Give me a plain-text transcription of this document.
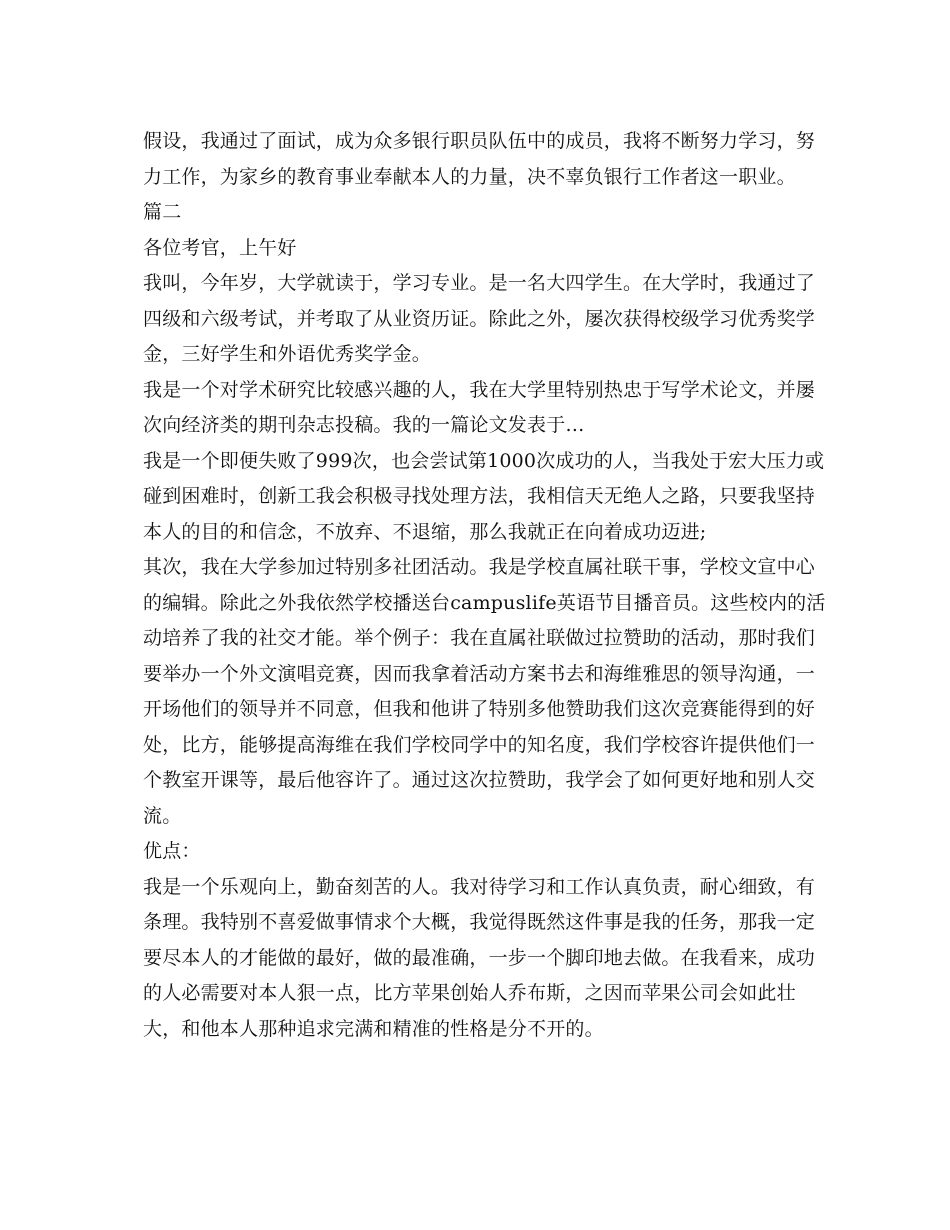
假设，我通过了面试，成为众多银行职员队伍中的成员，我将不断努力学习，努
力工作，为家乡的教育事业奉献本人的力量，决不辜负银行工作者这一职业。
篇二
各位考官，上午好
我叫，今年岁，大学就读于，学习专业。是一名大四学生。在大学时，我通过了
四级和六级考试，并考取了从业资历证。除此之外，屡次获得校级学习优秀奖学
金，三好学生和外语优秀奖学金。
我是一个对学术研究比较感兴趣的人，我在大学里特别热忠于写学术论文，并屡
次向经济类的期刊杂志投稿。我的一篇论文发表于…
我是一个即便失败了999次，也会尝试第1000次成功的人，当我处于宏大压力或
碰到困难时，创新工我会积极寻找处理方法，我相信天无绝人之路，只要我坚持
本人的目的和信念，不放弃、不退缩，那么我就正在向着成功迈进;
其次，我在大学参加过特别多社团活动。我是学校直属社联干事，学校文宣中心
的编辑。除此之外我依然学校播送台campuslife英语节目播音员。这些校内的活
动培养了我的社交才能。举个例子：我在直属社联做过拉赞助的活动，那时我们
要举办一个外文演唱竞赛，因而我拿着活动方案书去和海维雅思的领导沟通，一
开场他们的领导并不同意，但我和他讲了特别多他赞助我们这次竞赛能得到的好
处，比方，能够提高海维在我们学校同学中的知名度，我们学校容许提供他们一
个教室开课等，最后他容许了。通过这次拉赞助，我学会了如何更好地和别人交
流。
优点：
我是一个乐观向上，勤奋刻苦的人。我对待学习和工作认真负责，耐心细致，有
条理。我特别不喜爱做事情求个大概，我觉得既然这件事是我的任务，那我一定
要尽本人的才能做的最好，做的最准确，一步一个脚印地去做。在我看来，成功
的人必需要对本人狠一点，比方苹果创始人乔布斯，之因而苹果公司会如此壮
大，和他本人那种追求完满和精准的性格是分不开的。
